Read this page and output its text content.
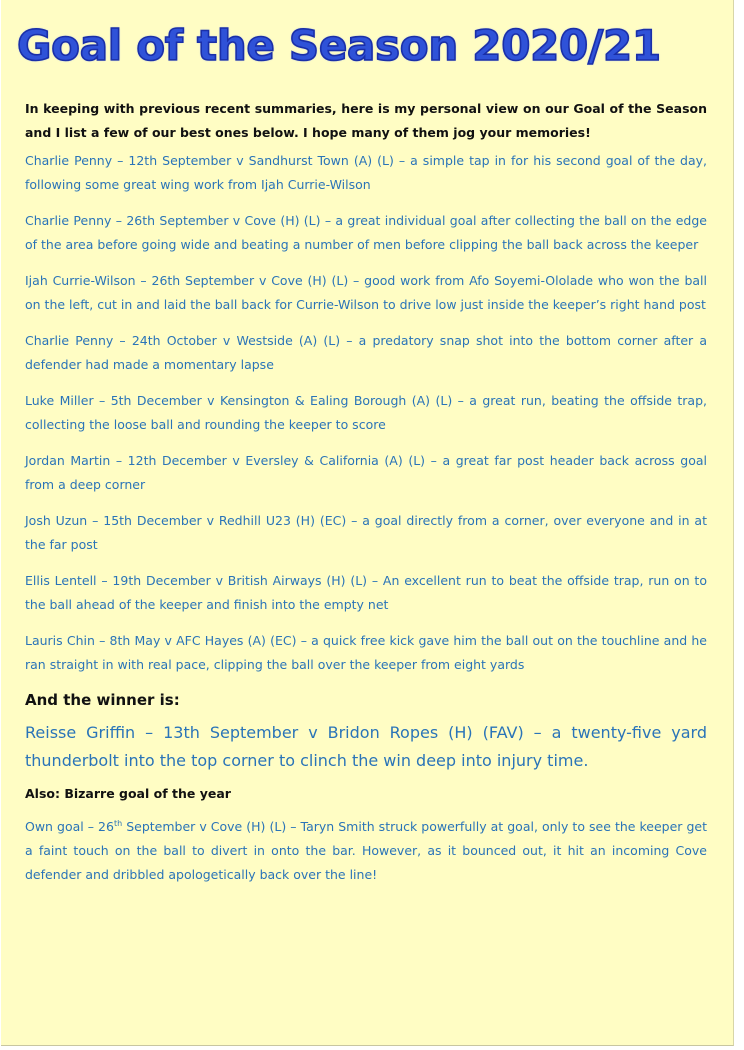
Goal of the Season 2020/21

In keeping with previous recent summaries, here is my personal view on our Goal of the Season and I list a few of our best ones below. I hope many of them jog your memories!

Charlie Penny – 12th September v Sandhurst Town (A) (L) – a simple tap in for his second goal of the day, following some great wing work from Ijah Currie-Wilson

Charlie Penny – 26th September v Cove (H) (L) – a great individual goal after collecting the ball on the edge of the area before going wide and beating a number of men before clipping the ball back across the keeper

Ijah Currie-Wilson – 26th September v Cove (H) (L) – good work from Afo Soyemi-Ololade who won the ball on the left, cut in and laid the ball back for Currie-Wilson to drive low just inside the keeper’s right hand post

Charlie Penny – 24th October v Westside (A) (L) – a predatory snap shot into the bottom corner after a defender had made a momentary lapse

Luke Miller – 5th December v Kensington & Ealing Borough (A) (L) – a great run, beating the offside trap, collecting the loose ball and rounding the keeper to score

Jordan Martin – 12th December v Eversley & California (A) (L) – a great far post header back across goal from a deep corner

Josh Uzun – 15th December v Redhill U23 (H) (EC) – a goal directly from a corner, over everyone and in at the far post

Ellis Lentell – 19th December v British Airways (H) (L) – An excellent run to beat the offside trap, run on to the ball ahead of the keeper and finish into the empty net

Lauris Chin – 8th May v AFC Hayes (A) (EC) – a quick free kick gave him the ball out on the touchline and he ran straight in with real pace, clipping the ball over the keeper from eight yards

And the winner is:

Reisse Griffin – 13th September v Bridon Ropes (H) (FAV) – a twenty-five yard thunderbolt into the top corner to clinch the win deep into injury time.

Also: Bizarre goal of the year

Own goal – 26th September v Cove (H) (L) – Taryn Smith struck powerfully at goal, only to see the keeper get a faint touch on the ball to divert in onto the bar. However, as it bounced out, it hit an incoming Cove defender and dribbled apologetically back over the line!
